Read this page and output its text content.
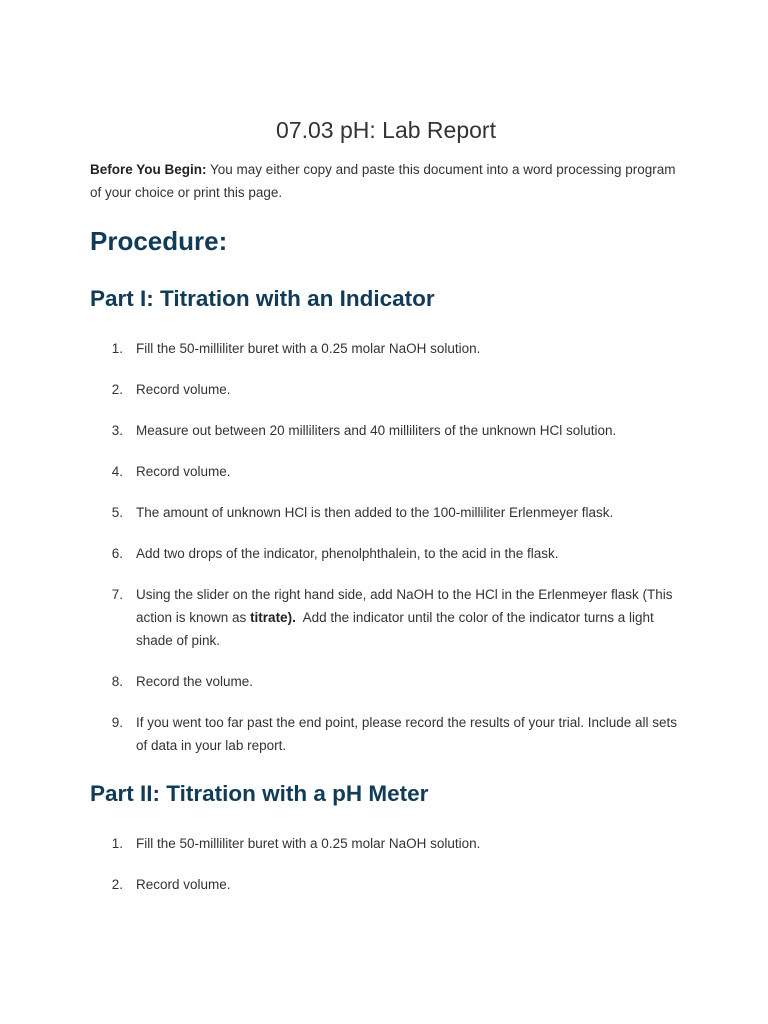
07.03 pH: Lab Report

Before You Begin: You may either copy and paste this document into a word processing program of your choice or print this page.

Procedure:
Part I: Titration with an Indicator
1. Fill the 50-milliliter buret with a 0.25 molar NaOH solution.
2. Record volume.
3. Measure out between 20 milliliters and 40 milliliters of the unknown HCl solution.
4. Record volume.
5. The amount of unknown HCl is then added to the 100-milliliter Erlenmeyer flask.
6. Add two drops of the indicator, phenolphthalein, to the acid in the flask.
7. Using the slider on the right hand side, add NaOH to the HCl in the Erlenmeyer flask (This action is known as titrate).  Add the indicator until the color of the indicator turns a light shade of pink.
8. Record the volume.
9. If you went too far past the end point, please record the results of your trial. Include all sets of data in your lab report.
Part II: Titration with a pH Meter
1. Fill the 50-milliliter buret with a 0.25 molar NaOH solution.
2. Record volume.
